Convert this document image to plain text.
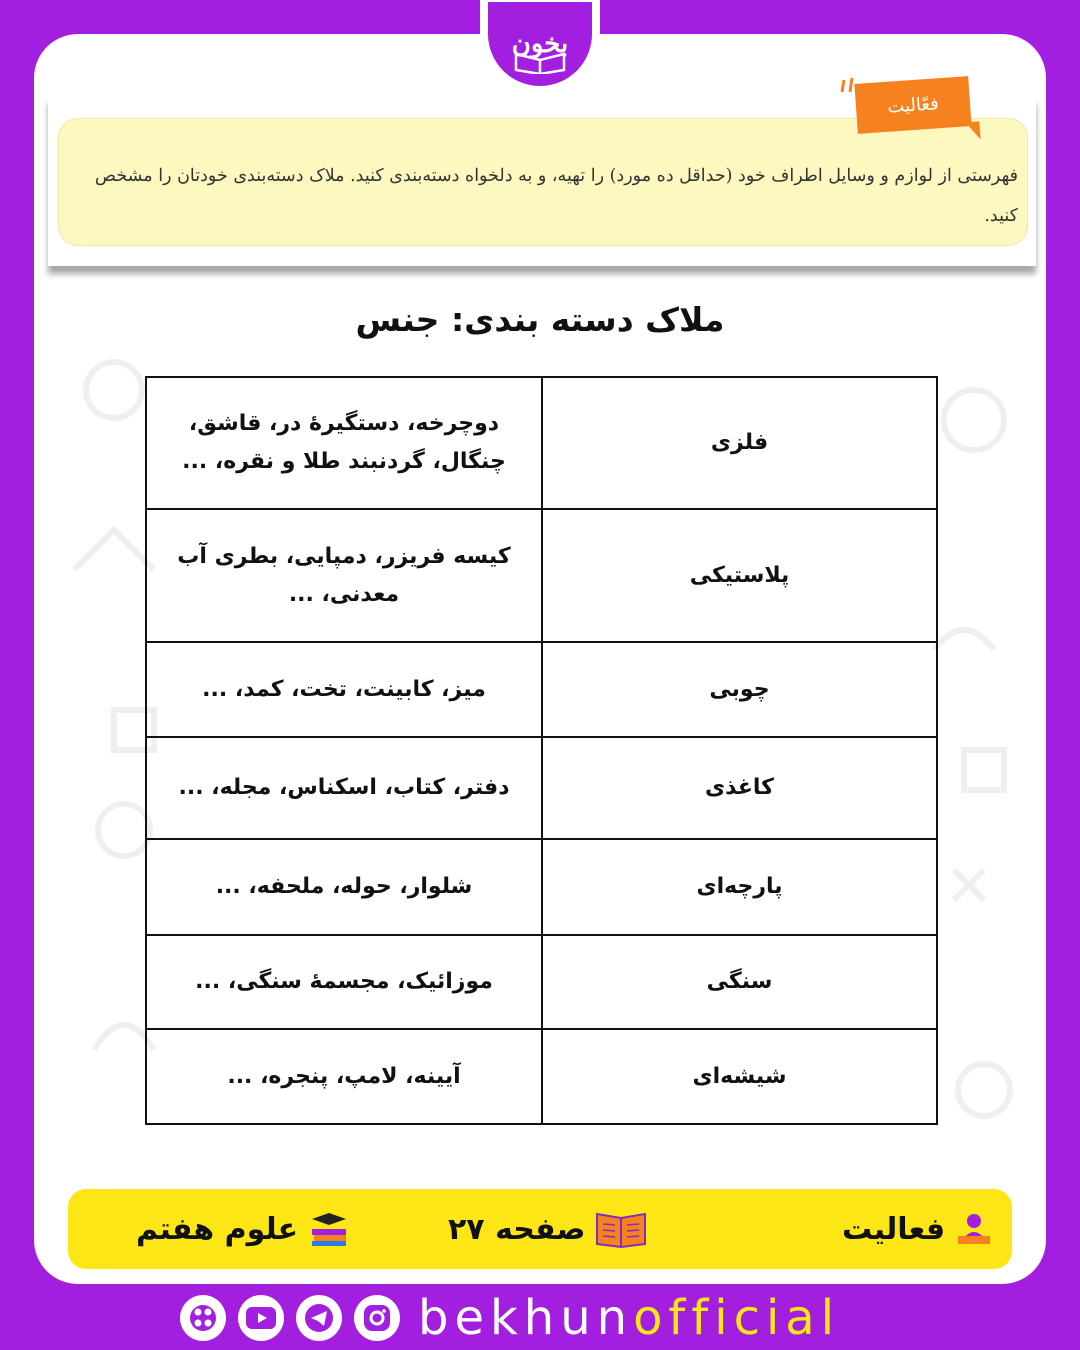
بخون
فعّالیت
فهرستی از لوازم و وسایل اطراف خود (حداقل ده مورد) را تهیه، و به دلخواه دسته‌بندی کنید. ملاک دسته‌بندی خودتان را مشخص کنید.
ملاک دسته بندی: جنس
فلزی	دوچرخه، دستگیرۀ در، قاشق، چنگال، گردنبند طلا و نقره، ...
پلاستیکی	کیسه فریزر، دمپایی، بطری آب معدنی، ...
چوبی	میز، کابینت، تخت، کمد، ...
کاغذی	دفتر، کتاب، اسکناس، مجله، ...
پارچه‌ای	شلوار، حوله، ملحفه، ...
سنگی	موزائیک، مجسمۀ سنگی، ...
شیشه‌ای	آیینه، لامپ، پنجره، ...
فعالیت
صفحه ۲۷
علوم هفتم
bekhunofficial
